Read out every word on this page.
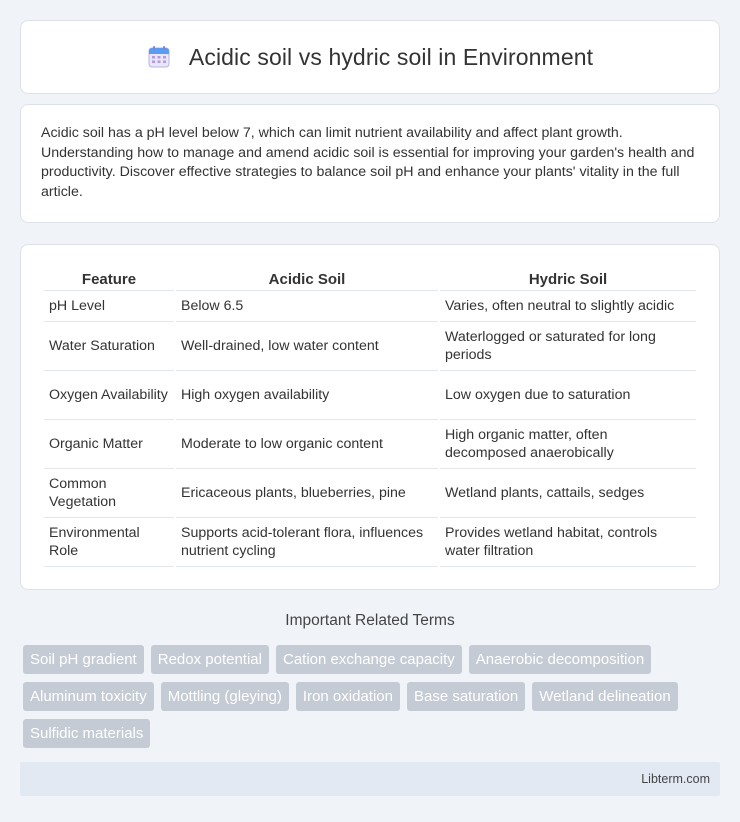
Acidic soil vs hydric soil in Environment

Acidic soil has a pH level below 7, which can limit nutrient availability and affect plant growth. Understanding how to manage and amend acidic soil is essential for improving your garden's health and productivity. Discover effective strategies to balance soil pH and enhance your plants' vitality in the full article.

Feature	Acidic Soil	Hydric Soil
pH Level	Below 6.5	Varies, often neutral to slightly acidic
Water Saturation	Well-drained, low water content	Waterlogged or saturated for long periods
Oxygen Availability	High oxygen availability	Low oxygen due to saturation
Organic Matter	Moderate to low organic content	High organic matter, often decomposed anaerobically
Common Vegetation	Ericaceous plants, blueberries, pine	Wetland plants, cattails, sedges
Environmental Role	Supports acid-tolerant flora, influences nutrient cycling	Provides wetland habitat, controls water filtration
Important Related Terms
Soil pH gradient	Redox potential	Cation exchange capacity	Anaerobic decomposition
Aluminum toxicity	Mottling (gleying)	Iron oxidation	Base saturation	Wetland delineation
Sulfidic materials
Libterm.com
